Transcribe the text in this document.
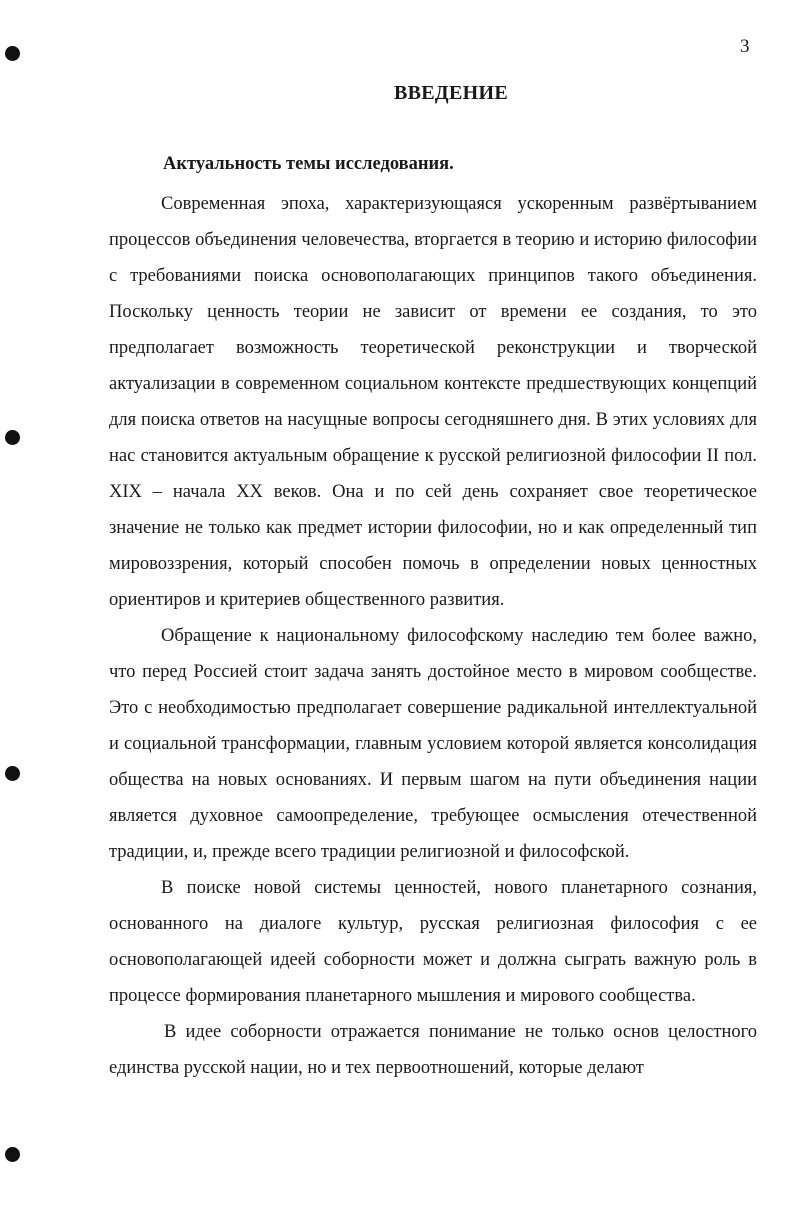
3
ВВЕДЕНИЕ
Актуальность темы исследования.

Современная эпоха, характеризующаяся ускоренным развёртыванием процессов объединения человечества, вторгается в теорию и историю философии с требованиями поиска основополагающих принципов такого объединения. Поскольку ценность теории не зависит от времени ее создания, то это предполагает возможность теоретической реконструкции и творческой актуализации в современном социальном контексте предшествующих концепций для поиска ответов на насущные вопросы сегодняшнего дня. В этих условиях для нас становится актуальным обращение к русской религиозной философии II пол. XIX – начала XX веков. Она и по сей день сохраняет свое теоретическое значение не только как предмет истории философии, но и как определенный тип мировоззрения, который способен помочь в определении новых ценностных ориентиров и критериев общественного развития.

Обращение к национальному философскому наследию тем более важно, что перед Россией стоит задача занять достойное место в мировом сообществе. Это с необходимостью предполагает совершение радикальной интеллектуальной и социальной трансформации, главным условием которой является консолидация общества на новых основаниях. И первым шагом на пути объединения нации является духовное самоопределение, требующее осмысления отечественной традиции, и, прежде всего традиции религиозной и философской.

В поиске новой системы ценностей, нового планетарного сознания, основанного на диалоге культур, русская религиозная философия с ее основополагающей идеей соборности может и должна сыграть важную роль в процессе формирования планетарного мышления и мирового сообщества.

В идее соборности отражается понимание не только основ целостного единства русской нации, но и тех первоотношений, которые делают
